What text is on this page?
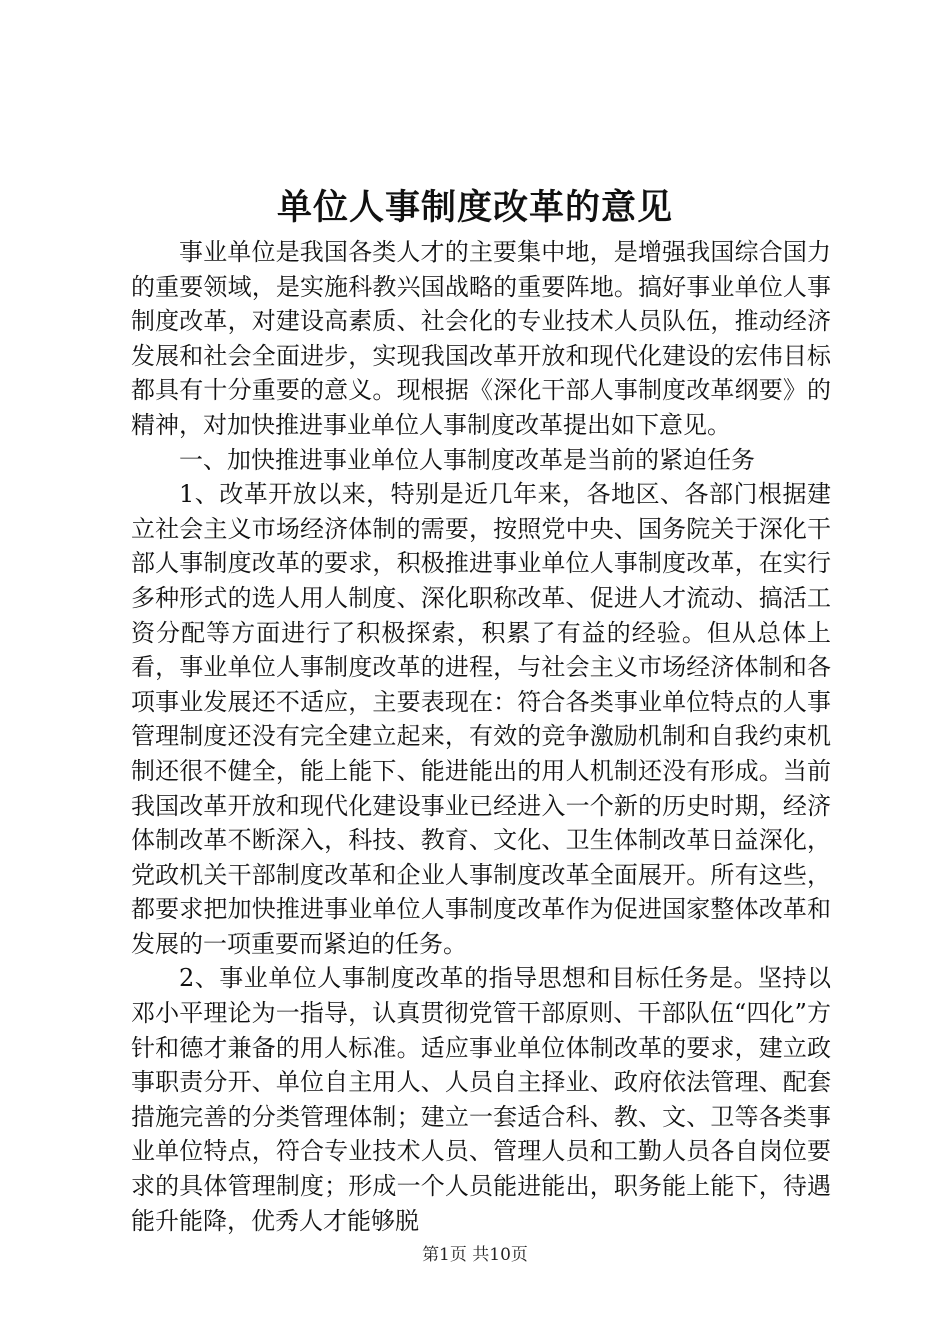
单位人事制度改革的意见

事业单位是我国各类人才的主要集中地，是增强我国综合国力的重要领域，是实施科教兴国战略的重要阵地。搞好事业单位人事制度改革，对建设高素质、社会化的专业技术人员队伍，推动经济发展和社会全面进步，实现我国改革开放和现代化建设的宏伟目标都具有十分重要的意义。现根据《深化干部人事制度改革纲要》的精神，对加快推进事业单位人事制度改革提出如下意见。

一、加快推进事业单位人事制度改革是当前的紧迫任务

1、改革开放以来，特别是近几年来，各地区、各部门根据建立社会主义市场经济体制的需要，按照党中央、国务院关于深化干部人事制度改革的要求，积极推进事业单位人事制度改革，在实行多种形式的选人用人制度、深化职称改革、促进人才流动、搞活工资分配等方面进行了积极探索，积累了有益的经验。但从总体上看，事业单位人事制度改革的进程，与社会主义市场经济体制和各项事业发展还不适应，主要表现在：符合各类事业单位特点的人事管理制度还没有完全建立起来，有效的竞争激励机制和自我约束机制还很不健全，能上能下、能进能出的用人机制还没有形成。当前我国改革开放和现代化建设事业已经进入一个新的历史时期，经济体制改革不断深入，科技、教育、文化、卫生体制改革日益深化，党政机关干部制度改革和企业人事制度改革全面展开。所有这些，都要求把加快推进事业单位人事制度改革作为促进国家整体改革和发展的一项重要而紧迫的任务。

2、事业单位人事制度改革的指导思想和目标任务是。坚持以邓小平理论为一指导，认真贯彻党管干部原则、干部队伍“四化”方针和德才兼备的用人标准。适应事业单位体制改革的要求，建立政事职责分开、单位自主用人、人员自主择业、政府依法管理、配套措施完善的分类管理体制；建立一套适合科、教、文、卫等各类事业单位特点，符合专业技术人员、管理人员和工勤人员各自岗位要求的具体管理制度；形成一个人员能进能出，职务能上能下，待遇能升能降，优秀人才能够脱

第1页 共10页
